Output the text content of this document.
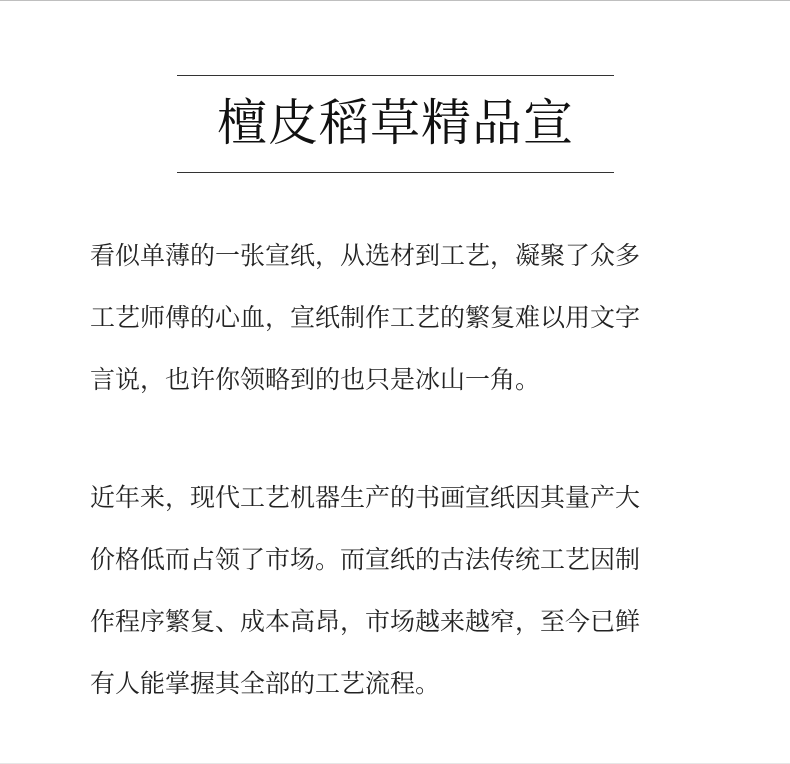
檀皮稻草精品宣
看似单薄的一张宣纸，从选材到工艺，凝聚了众多
工艺师傅的心血，宣纸制作工艺的繁复难以用文字
言说，也许你领略到的也只是冰山一角。
近年来，现代工艺机器生产的书画宣纸因其量产大
价格低而占领了市场。而宣纸的古法传统工艺因制
作程序繁复、成本高昂，市场越来越窄，至今已鲜
有人能掌握其全部的工艺流程。
